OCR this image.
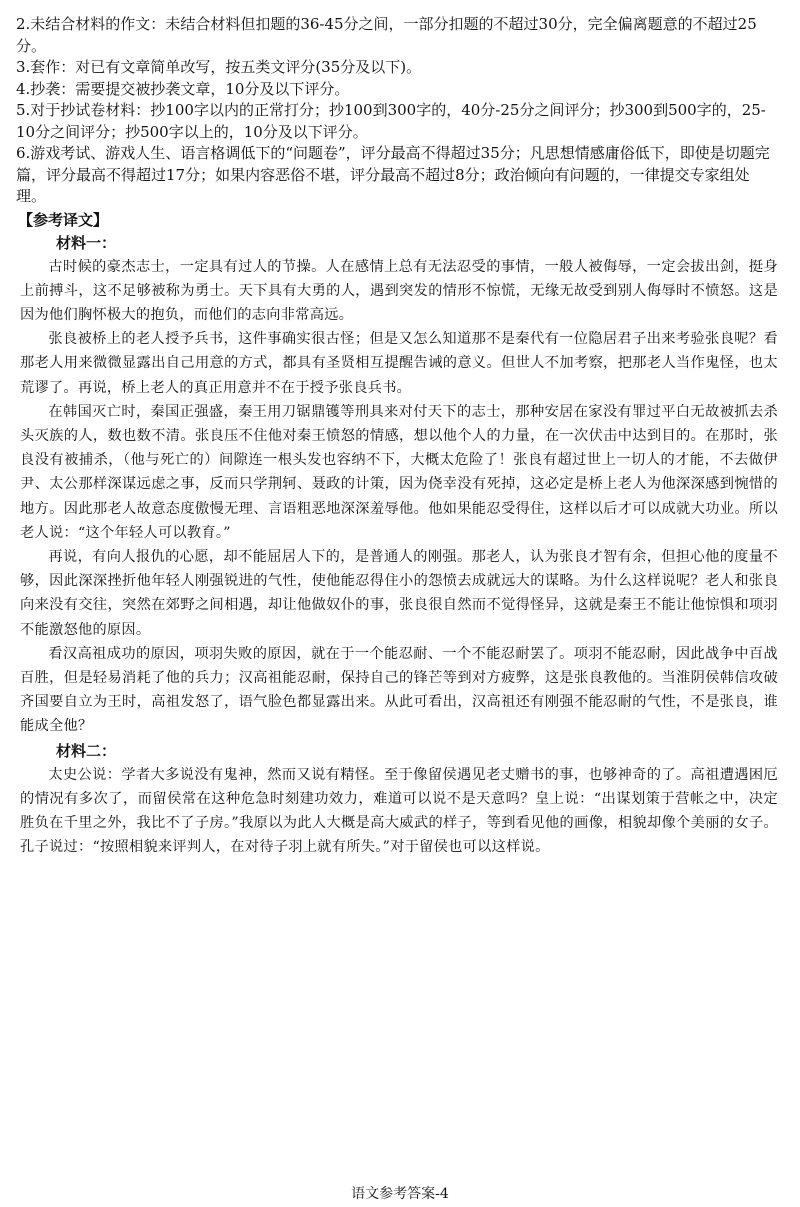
2.未结合材料的作文：未结合材料但扣题的36-45分之间，一部分扣题的不超过30分，完全偏离题意的不超过25分。

3.套作：对已有文章简单改写，按五类文评分(35分及以下)。

4.抄袭：需要提交被抄袭文章，10分及以下评分。

5.对于抄试卷材料：抄100字以内的正常打分；抄100到300字的，40分-25分之间评分；抄300到500字的，25-10分之间评分；抄500字以上的，10分及以下评分。

6.游戏考试、游戏人生、语言格调低下的“问题卷”，评分最高不得超过35分；凡思想情感庸俗低下，即使是切题完篇，评分最高不得超过17分；如果内容恶俗不堪，评分最高不超过8分；政治倾向有问题的，一律提交专家组处理。

【参考译文】

材料一：

古时候的豪杰志士，一定具有过人的节操。人在感情上总有无法忍受的事情，一般人被侮辱，一定会拔出剑，挺身上前搏斗，这不足够被称为勇士。天下具有大勇的人，遇到突发的情形不惊慌，无缘无故受到别人侮辱时不愤怒。这是因为他们胸怀极大的抱负，而他们的志向非常高远。

张良被桥上的老人授予兵书，这件事确实很古怪；但是又怎么知道那不是秦代有一位隐居君子出来考验张良呢？看那老人用来微微显露出自己用意的方式，都具有圣贤相互提醒告诫的意义。但世人不加考察，把那老人当作鬼怪，也太荒谬了。再说，桥上老人的真正用意并不在于授予张良兵书。

在韩国灭亡时，秦国正强盛，秦王用刀锯鼎镬等刑具来对付天下的志士，那种安居在家没有罪过平白无故被抓去杀头灭族的人，数也数不清。张良压不住他对秦王愤怒的情感，想以他个人的力量，在一次伏击中达到目的。在那时，张良没有被捕杀，（他与死亡的）间隙连一根头发也容纳不下，大概太危险了！张良有超过世上一切人的才能，不去做伊尹、太公那样深谋远虑之事，反而只学荆轲、聂政的计策，因为侥幸没有死掉，这必定是桥上老人为他深深感到惋惜的地方。因此那老人故意态度傲慢无理、言语粗恶地深深羞辱他。他如果能忍受得住，这样以后才可以成就大功业。所以老人说：“这个年轻人可以教育。”

再说，有向人报仇的心愿，却不能屈居人下的，是普通人的刚强。那老人，认为张良才智有余，但担心他的度量不够，因此深深挫折他年轻人刚强锐进的气性，使他能忍得住小的怨愤去成就远大的谋略。为什么这样说呢？老人和张良向来没有交往，突然在郊野之间相遇，却让他做奴仆的事，张良很自然而不觉得怪异，这就是秦王不能让他惊惧和项羽不能激怒他的原因。

看汉高祖成功的原因，项羽失败的原因，就在于一个能忍耐、一个不能忍耐罢了。项羽不能忍耐，因此战争中百战百胜，但是轻易消耗了他的兵力；汉高祖能忍耐，保持自己的锋芒等到对方疲弊，这是张良教他的。当淮阴侯韩信攻破齐国要自立为王时，高祖发怒了，语气脸色都显露出来。从此可看出，汉高祖还有刚强不能忍耐的气性，不是张良，谁能成全他？

材料二：

太史公说：学者大多说没有鬼神，然而又说有精怪。至于像留侯遇见老丈赠书的事，也够神奇的了。高祖遭遇困厄的情况有多次了，而留侯常在这种危急时刻建功效力，难道可以说不是天意吗？皇上说：“出谋划策于营帐之中，决定胜负在千里之外，我比不了子房。”我原以为此人大概是高大威武的样子，等到看见他的画像，相貌却像个美丽的女子。孔子说过：“按照相貌来评判人，在对待子羽上就有所失。”对于留侯也可以这样说。

语文参考答案-4
